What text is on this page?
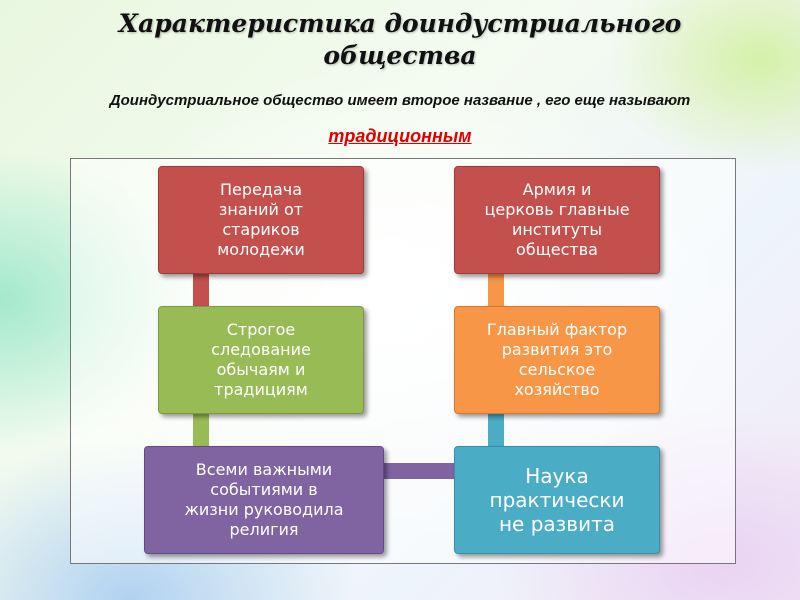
Характеристика доиндустриального
общества
Доиндустриальное общество имеет второе название , его еще называют
традиционным
Передача
знаний от
стариков
молодежи
Строгое
следование
обычаям и
традициям
Всеми важными
событиями в
жизни руководила
религия
Армия и
церковь главные
институты
общества
Главный фактор
развития это
сельское
хозяйство
Наука
практически
не развита
